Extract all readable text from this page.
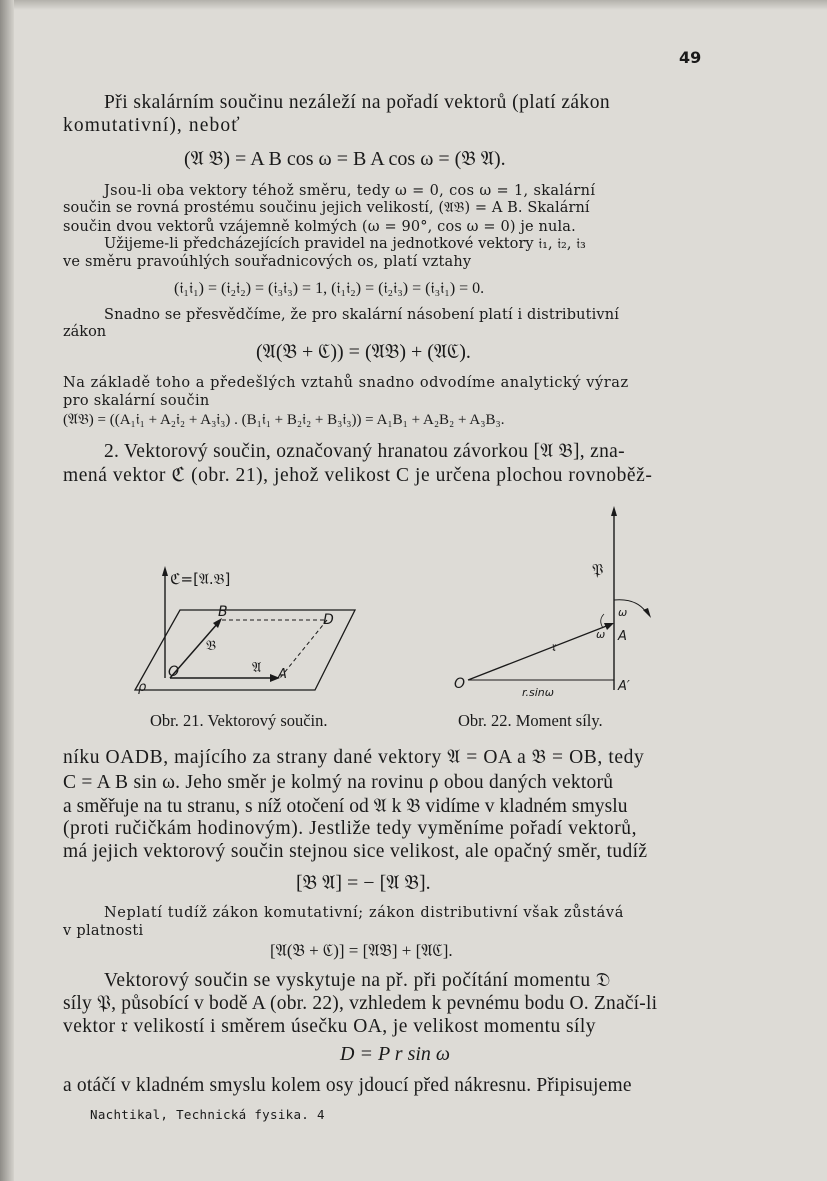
49
Při skalárním součinu nezáleží na pořadí vektorů (platí zákon
komutativní), neboť
(𝔄 𝔅) = A B cos ω = B A cos ω = (𝔅 𝔄).
Jsou-li oba vektory téhož směru, tedy ω = 0, cos ω = 1, skalární
součin se rovná prostému součinu jejich velikostí, (𝔄𝔅) = A B. Skalární
součin dvou vektorů vzájemně kolmých (ω = 90°, cos ω = 0) je nula.
Užijeme-li předcházejících pravidel na jednotkové vektory 𝔦₁, 𝔦₂, 𝔦₃
ve směru pravoúhlých souřadnicových os, platí vztahy
(𝔦₁𝔦₁) = (𝔦₂𝔦₂) = (𝔦₃𝔦₃) = 1, (𝔦₁𝔦₂) = (𝔦₂𝔦₃) = (𝔦₃𝔦₁) = 0.
Snadno se přesvědčíme, že pro skalární násobení platí i distributivní
zákon
(𝔄(𝔅 + ℭ)) = (𝔄𝔅) + (𝔄ℭ).
Na základě toho a předešlých vztahů snadno odvodíme analytický výraz
pro skalární součin
(𝔄𝔅) = ((A₁𝔦₁ + A₂𝔦₂ + A₃𝔦₃) . (B₁𝔦₁ + B₂𝔦₂ + B₃𝔦₃)) = A₁B₁ + A₂B₂ + A₃B₃.
2. Vektorový součin, označovaný hranatou závorkou [𝔄 𝔅], zna-
mená vektor ℭ (obr. 21), jehož velikost C je určena plochou rovnoběž-
ℭ=[𝔄.𝔅]
B	D
𝔅
O	𝔄 A
ρ
Obr. 21. Vektorový součin.
𝔓
ω
ω A
𝔯
O
r.sinω	A′
Obr. 22. Moment síly.
níku OADB, majícího za strany dané vektory 𝔄 = OA a 𝔅 = OB, tedy
C = A B sin ω. Jeho směr je kolmý na rovinu ρ obou daných vektorů
a směřuje na tu stranu, s níž otočení od 𝔄 k 𝔅 vidíme v kladném smyslu
(proti ručičkám hodinovým). Jestliže tedy vyměníme pořadí vektorů,
má jejich vektorový součin stejnou sice velikost, ale opačný směr, tudíž
[𝔅 𝔄] = − [𝔄 𝔅].
Neplatí tudíž zákon komutativní; zákon distributivní však zůstává
v platnosti
[𝔄(𝔅 + ℭ)] = [𝔄𝔅] + [𝔄ℭ].
Vektorový součin se vyskytuje na př. při počítání momentu 𝔇
síly 𝔓, působící v bodě A (obr. 22), vzhledem k pevnému bodu O. Značí-li
vektor 𝔯 velikostí i směrem úsečku OA, je velikost momentu síly
D = P r sin ω
a otáčí v kladném smyslu kolem osy jdoucí před nákresnu. Připisujeme
Nachtikal, Technická fysika. 4
